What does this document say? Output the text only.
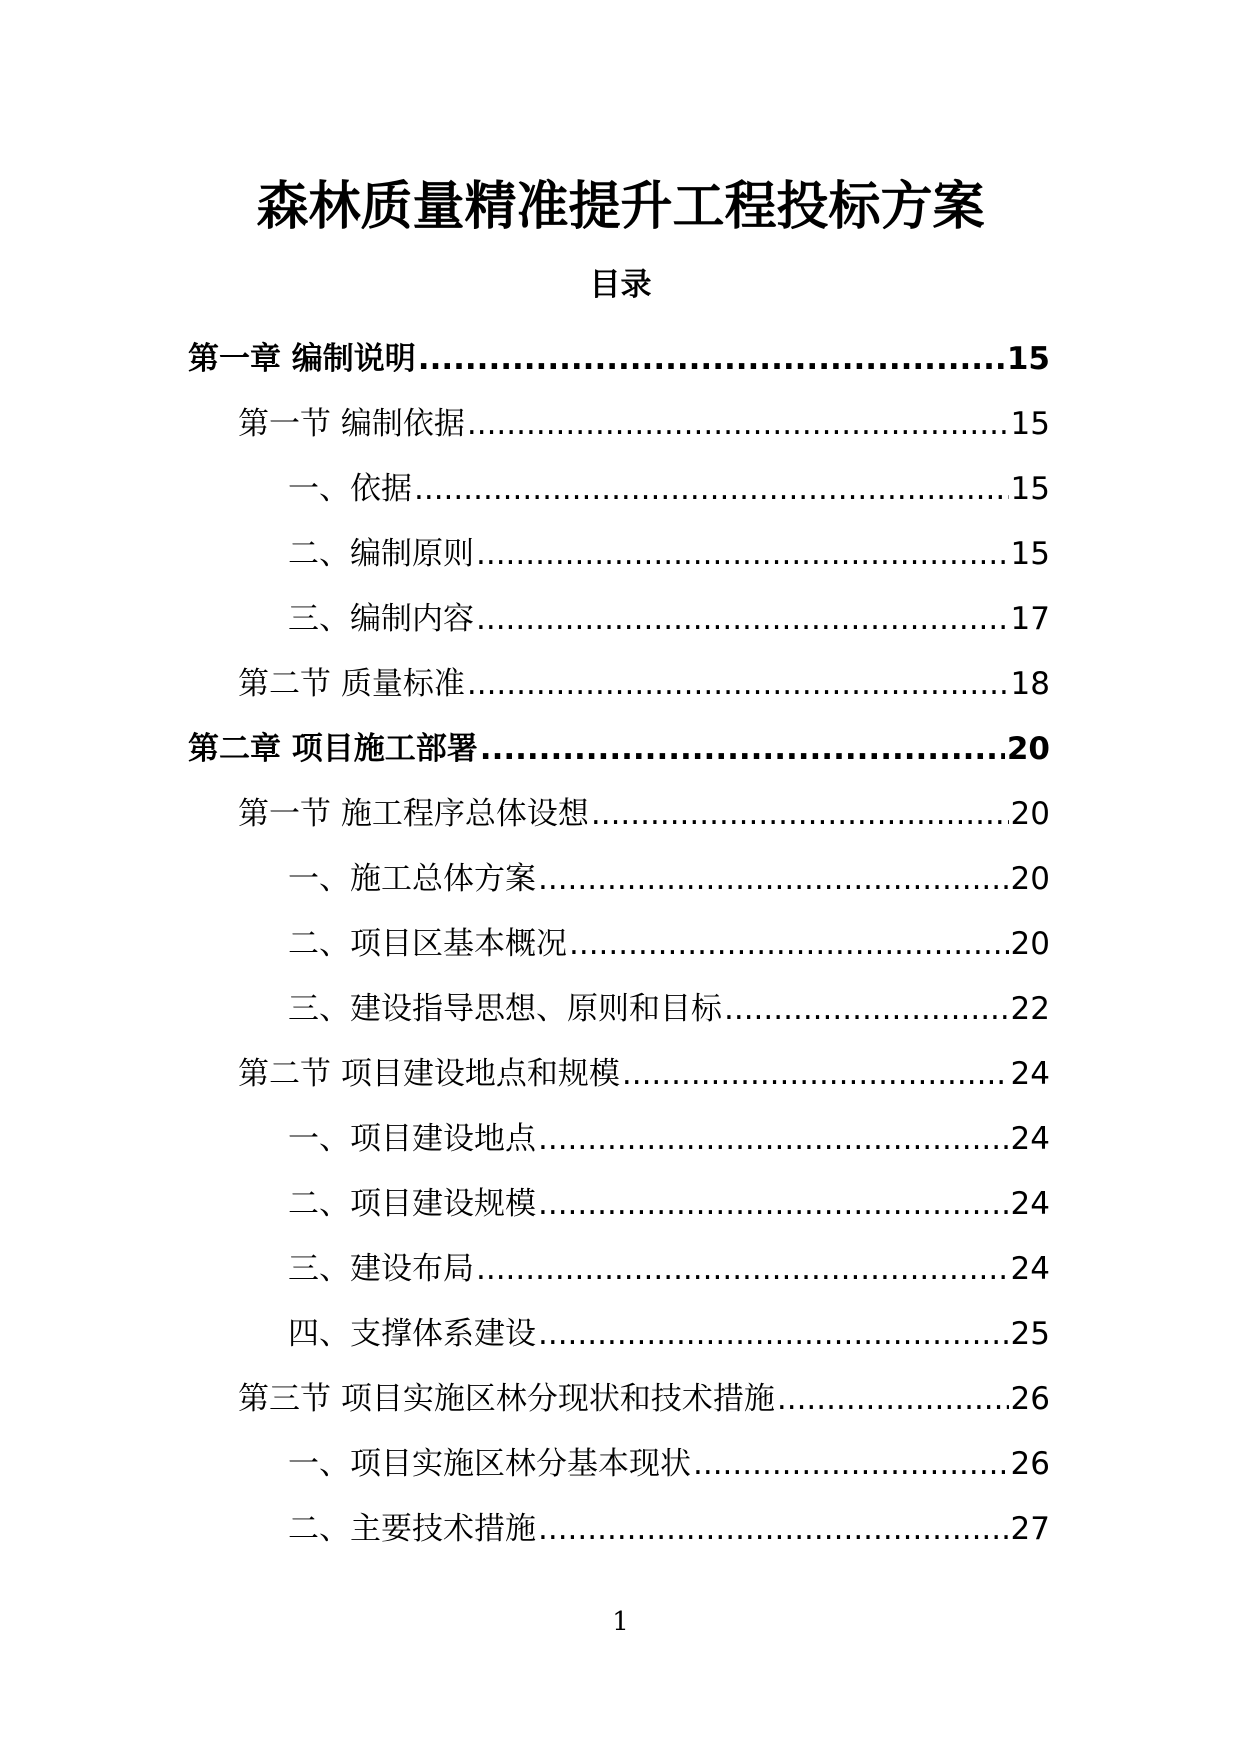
森林质量精准提升工程投标方案
目录
第一章 编制说明 .....	15
第一节 编制依据 .....	15
一、依据 .....	15
二、编制原则 .....	15
三、编制内容 .....	17
第二节 质量标准 .....	18
第二章 项目施工部署 .....	20
第一节 施工程序总体设想 .....	20
一、施工总体方案 .....	20
二、项目区基本概况 .....	20
三、建设指导思想、原则和目标 .....	22
第二节 项目建设地点和规模 .....	24
一、项目建设地点 .....	24
二、项目建设规模 .....	24
三、建设布局 .....	24
四、支撑体系建设 .....	25
第三节 项目实施区林分现状和技术措施 .....	26
一、项目实施区林分基本现状 .....	26
二、主要技术措施 .....	27
1
